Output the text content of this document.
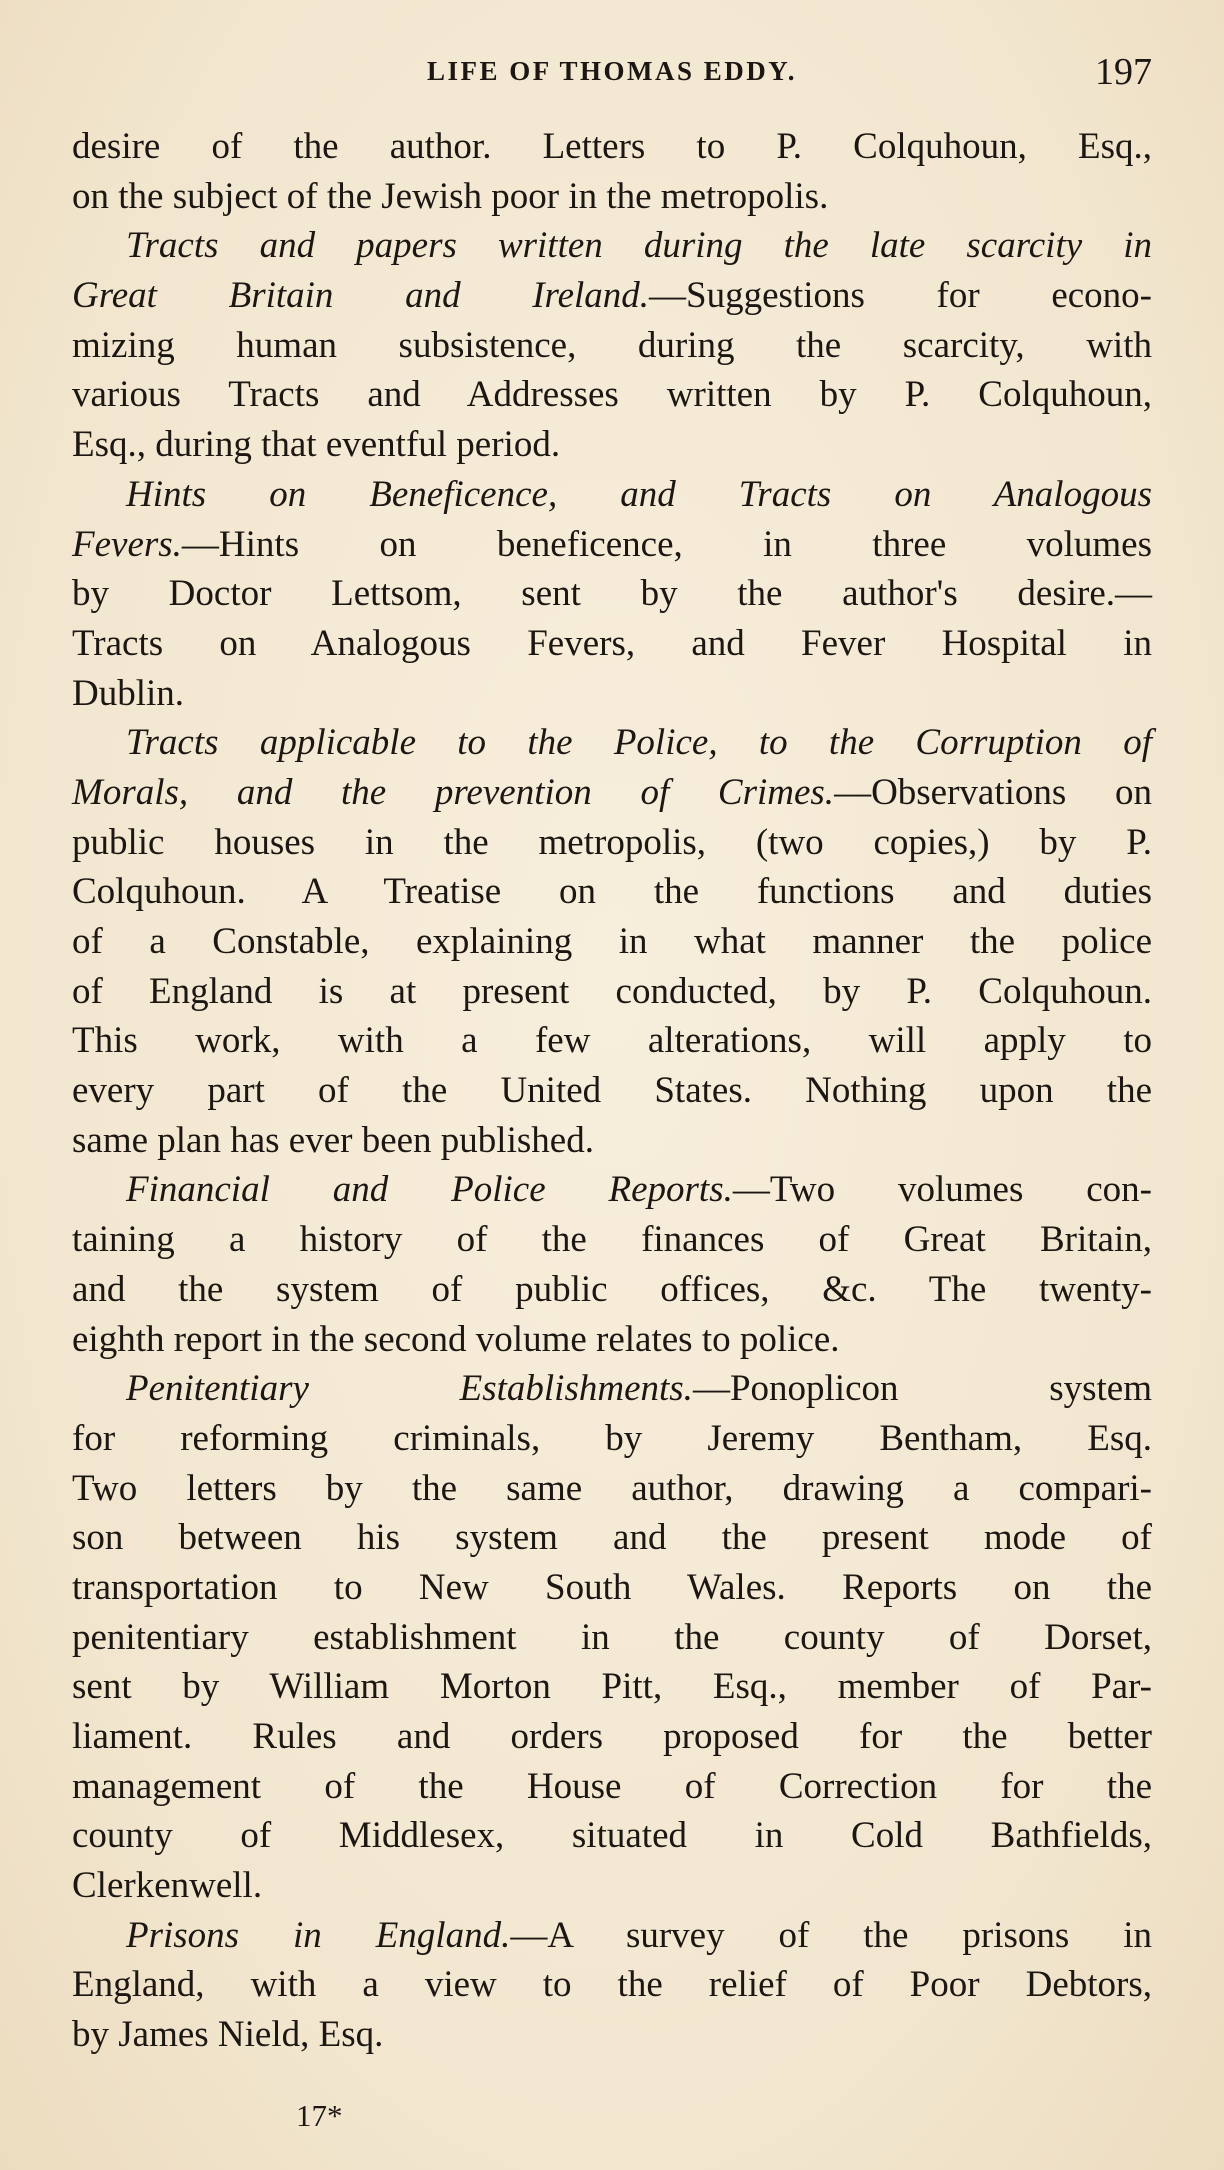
LIFE OF THOMAS EDDY.	197
desire of the author. Letters to P. Colquhoun, Esq.,
on the subject of the Jewish poor in the metropolis.
Tracts and papers written during the late scarcity in
Great Britain and Ireland.—Suggestions for econo-
mizing human subsistence, during the scarcity, with
various Tracts and Addresses written by P. Colquhoun,
Esq., during that eventful period.
Hints on Beneficence, and Tracts on Analogous
Fevers.—Hints on beneficence, in three volumes
by Doctor Lettsom, sent by the author's desire.—
Tracts on Analogous Fevers, and Fever Hospital in
Dublin.
Tracts applicable to the Police, to the Corruption of
Morals, and the prevention of Crimes.—Observations on
public houses in the metropolis, (two copies,) by P.
Colquhoun. A Treatise on the functions and duties
of a Constable, explaining in what manner the police
of England is at present conducted, by P. Colquhoun.
This work, with a few alterations, will apply to
every part of the United States. Nothing upon the
same plan has ever been published.
Financial and Police Reports.—Two volumes con-
taining a history of the finances of Great Britain,
and the system of public offices, &c. The twenty-
eighth report in the second volume relates to police.
Penitentiary Establishments.—Ponoplicon system
for reforming criminals, by Jeremy Bentham, Esq.
Two letters by the same author, drawing a compari-
son between his system and the present mode of
transportation to New South Wales. Reports on the
penitentiary establishment in the county of Dorset,
sent by William Morton Pitt, Esq., member of Par-
liament. Rules and orders proposed for the better
management of the House of Correction for the
county of Middlesex, situated in Cold Bathfields,
Clerkenwell.
Prisons in England.—A survey of the prisons in
England, with a view to the relief of Poor Debtors,
by James Nield, Esq.
17*
